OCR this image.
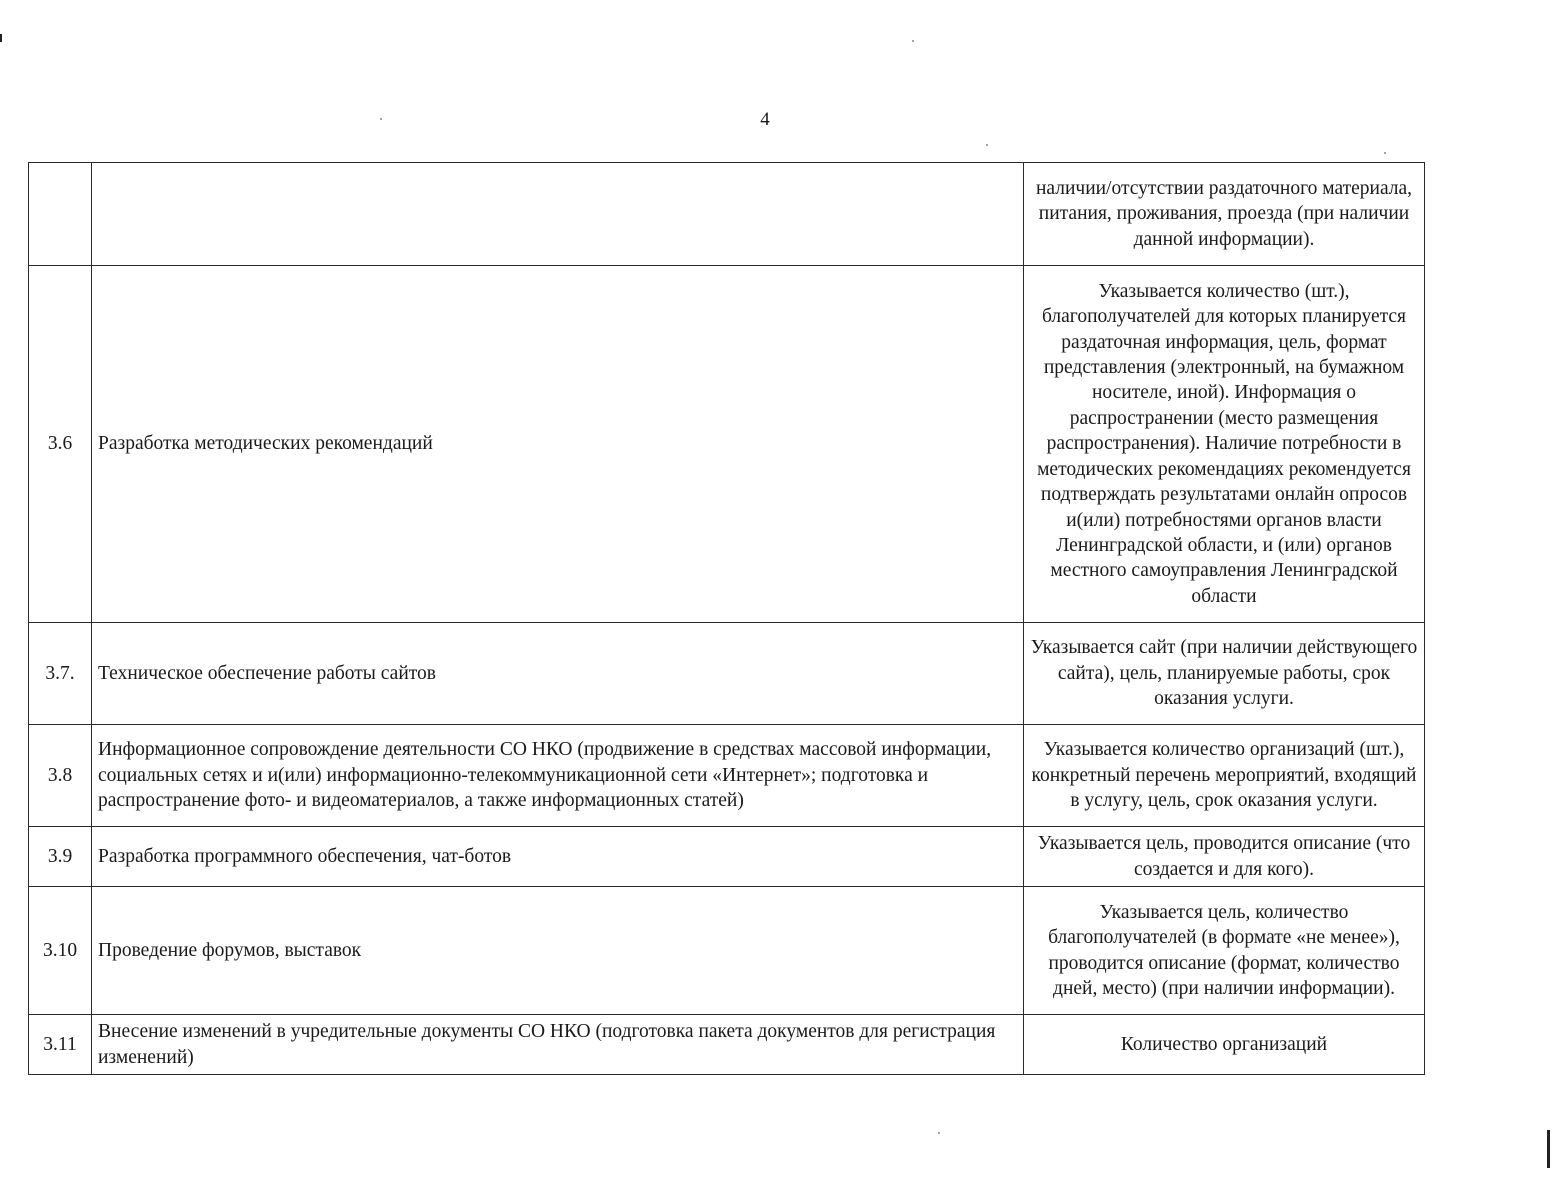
4
		наличии/отсутствии раздаточного материала, питания, проживания, проезда (при наличии данной информации).
3.6	Разработка методических рекомендаций	Указывается количество (шт.), благополучателей для которых планируется раздаточная информация, цель, формат представления (электронный, на бумажном носителе, иной). Информация о распространении (место размещения распространения). Наличие потребности в методических рекомендациях рекомендуется подтверждать результатами онлайн опросов и(или) потребностями органов власти Ленинградской области, и (или) органов местного самоуправления Ленинградской области
3.7.	Техническое обеспечение работы сайтов	Указывается сайт (при наличии действующего сайта), цель, планируемые работы, срок оказания услуги.
3.8	Информационное сопровождение деятельности СО НКО (продвижение в средствах массовой информации, социальных сетях и и(или) информационно-телекоммуникационной сети «Интернет»; подготовка и распространение фото- и видеоматериалов, а также информационных статей)	Указывается количество организаций (шт.), конкретный перечень мероприятий, входящий в услугу, цель, срок оказания услуги.
3.9	Разработка программного обеспечения, чат-ботов	Указывается цель, проводится описание (что создается и для кого).
3.10	Проведение форумов, выставок	Указывается цель, количество благополучателей (в формате «не менее»), проводится описание (формат, количество дней, место) (при наличии информации).
3.11	Внесение изменений в учредительные документы СО НКО (подготовка пакета документов для регистрация изменений)	Количество организаций
